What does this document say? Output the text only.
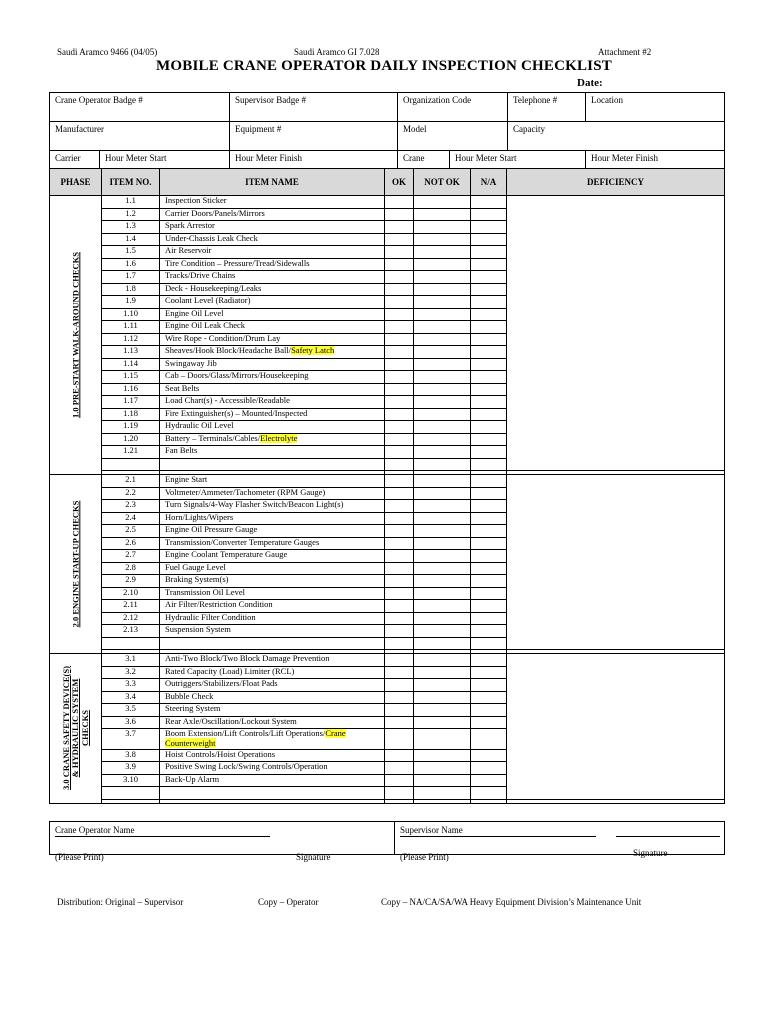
Saudi Aramco 9466 (04/05)	Saudi Aramco GI 7.028	Attachment #2
MOBILE CRANE OPERATOR DAILY INSPECTION CHECKLIST
Date:
Crane Operator Badge #		Supervisor Badge #	Organization Code		Telephone #	Location
Manufacturer		Equipment #	Model		Capacity	
Carrier	Hour Meter Start	Hour Meter Finish	Crane	Hour Meter Start		Hour Meter Finish
PHASE	ITEM NO.	ITEM NAME	OK	NOT OK	N/A	DEFICIENCY

1.0 PRE-START WALK-AROUND CHECKS	1.1	Inspection Sticker				
	1.2	Carrier Doors/Panels/Mirrors				
	1.3	Spark Arrestor				
	1.4	Under-Chassis Leak Check				
	1.5	Air Reservoir				
	1.6	Tire Condition – Pressure/Tread/Sidewalls				
	1.7	Tracks/Drive Chains				
	1.8	Deck - Housekeeping/Leaks				
	1.9	Coolant Level (Radiator)				
	1.10	Engine Oil Level				
	1.11	Engine Oil Leak Check				
	1.12	Wire Rope - Condition/Drum Lay				
	1.13	Sheaves/Hook Block/Headache Ball/Safety Latch				
	1.14	Swingaway Jib				
	1.15	Cab – Doors/Glass/Mirrors/Housekeeping				
	1.16	Seat Belts				
	1.17	Load Chart(s) - Accessible/Readable				
	1.18	Fire Extinguisher(s) – Mounted/Inspected				
	1.19	Hydraulic Oil Level				
	1.20	Battery – Terminals/Cables/Electrolyte				
	1.21	Fan Belts				

2.0 ENGINE START-UP CHECKS	2.1	Engine Start				
	2.2	Voltmeter/Ammeter/Tachometer (RPM Gauge)				
	2.3	Turn Signals/4-Way Flasher Switch/Beacon Light(s)				
	2.4	Horn/Lights/Wipers				
	2.5	Engine Oil Pressure Gauge				
	2.6	Transmission/Converter Temperature Gauges				
	2.7	Engine Coolant Temperature Gauge				
	2.8	Fuel Gauge Level				
	2.9	Braking System(s)				
	2.10	Transmission Oil Level				
	2.11	Air Filter/Restriction Condition				
	2.12	Hydraulic Filter Condition				
	2.13	Suspension System				

3.0 CRANE SAFETY DEVICE(S) & HYDRAULIC SYSTEM CHECKS	3.1	Anti-Two Block/Two Block Damage Prevention				
	3.2	Rated Capacity (Load) Limiter (RCL)				
	3.3	Outriggers/Stabilizers/Float Pads				
	3.4	Bubble Check				
	3.5	Steering System				
	3.6	Rear Axle/Oscillation/Lockout System				
	3.7	Boom Extension/Lift Controls/Lift Operations/Crane Counterweight				
	3.8	Hoist Controls/Hoist Operations				
	3.9	Positive Swing Lock/Swing Controls/Operation				
	3.10	Back-Up Alarm				

Crane Operator Name
(Please Print)	Signature

Supervisor Name
(Please Print)	Signature
Distribution: Original – Supervisor	Copy – Operator	Copy – NA/CA/SA/WA Heavy Equipment Division’s Maintenance Unit
